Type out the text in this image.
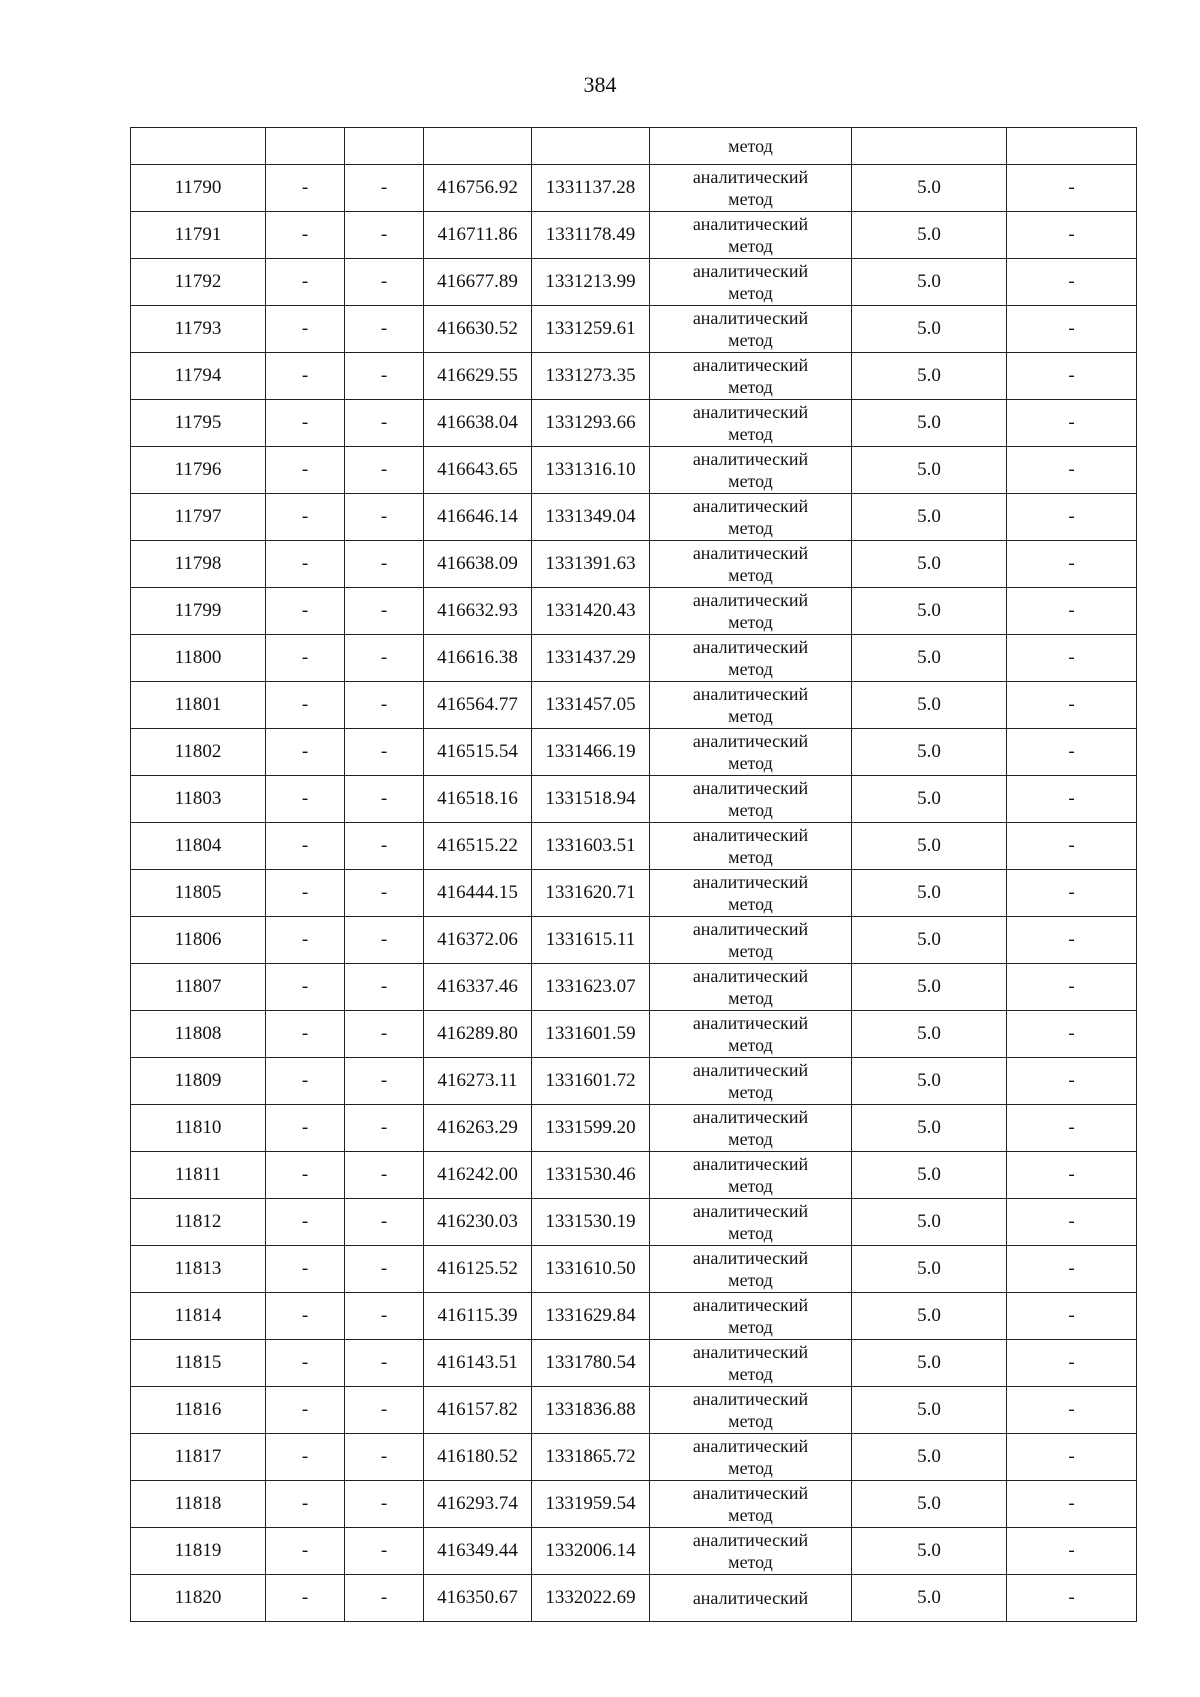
384
					метод		
11790	-	-	416756.92	1331137.28	аналитический
метод	5.0	-
11791	-	-	416711.86	1331178.49	аналитический
метод	5.0	-
11792	-	-	416677.89	1331213.99	аналитический
метод	5.0	-
11793	-	-	416630.52	1331259.61	аналитический
метод	5.0	-
11794	-	-	416629.55	1331273.35	аналитический
метод	5.0	-
11795	-	-	416638.04	1331293.66	аналитический
метод	5.0	-
11796	-	-	416643.65	1331316.10	аналитический
метод	5.0	-
11797	-	-	416646.14	1331349.04	аналитический
метод	5.0	-
11798	-	-	416638.09	1331391.63	аналитический
метод	5.0	-
11799	-	-	416632.93	1331420.43	аналитический
метод	5.0	-
11800	-	-	416616.38	1331437.29	аналитический
метод	5.0	-
11801	-	-	416564.77	1331457.05	аналитический
метод	5.0	-
11802	-	-	416515.54	1331466.19	аналитический
метод	5.0	-
11803	-	-	416518.16	1331518.94	аналитический
метод	5.0	-
11804	-	-	416515.22	1331603.51	аналитический
метод	5.0	-
11805	-	-	416444.15	1331620.71	аналитический
метод	5.0	-
11806	-	-	416372.06	1331615.11	аналитический
метод	5.0	-
11807	-	-	416337.46	1331623.07	аналитический
метод	5.0	-
11808	-	-	416289.80	1331601.59	аналитический
метод	5.0	-
11809	-	-	416273.11	1331601.72	аналитический
метод	5.0	-
11810	-	-	416263.29	1331599.20	аналитический
метод	5.0	-
11811	-	-	416242.00	1331530.46	аналитический
метод	5.0	-
11812	-	-	416230.03	1331530.19	аналитический
метод	5.0	-
11813	-	-	416125.52	1331610.50	аналитический
метод	5.0	-
11814	-	-	416115.39	1331629.84	аналитический
метод	5.0	-
11815	-	-	416143.51	1331780.54	аналитический
метод	5.0	-
11816	-	-	416157.82	1331836.88	аналитический
метод	5.0	-
11817	-	-	416180.52	1331865.72	аналитический
метод	5.0	-
11818	-	-	416293.74	1331959.54	аналитический
метод	5.0	-
11819	-	-	416349.44	1332006.14	аналитический
метод	5.0	-
11820	-	-	416350.67	1332022.69	аналитический	5.0	-
